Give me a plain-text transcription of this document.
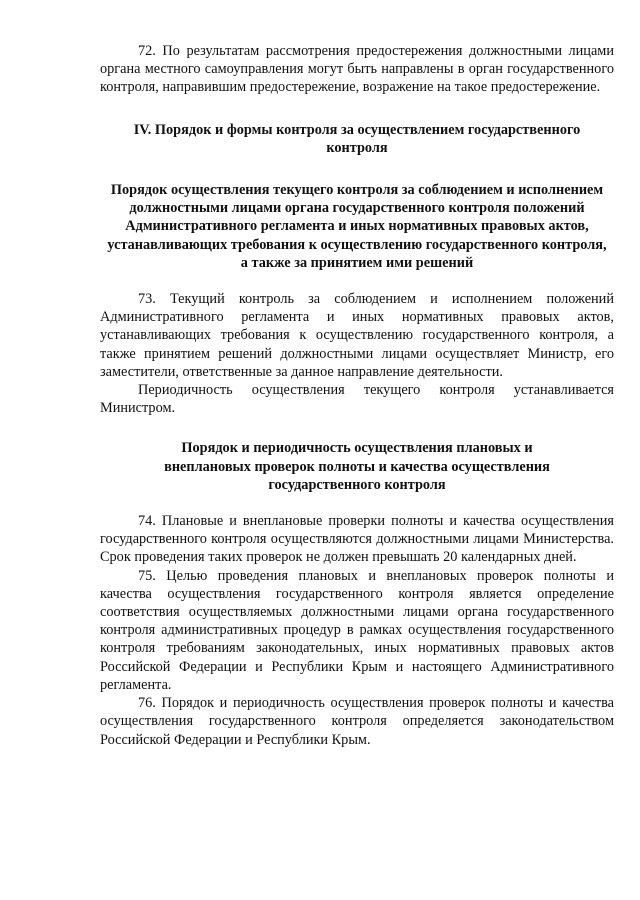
72. По результатам рассмотрения предостережения должностными лицами органа местного самоуправления могут быть направлены в орган государственного контроля, направившим предостережение, возражение на такое предостережение.

IV. Порядок и формы контроля за осуществлением государственного контроля
Порядок осуществления текущего контроля за соблюдением и исполнением должностными лицами органа государственного контроля положений Административного регламента и иных нормативных правовых актов, устанавливающих требования к осуществлению государственного контроля, а также за принятием ими решений

73. Текущий контроль за соблюдением и исполнением положений Административного регламента и иных нормативных правовых актов, устанавливающих требования к осуществлению государственного контроля, а также принятием решений должностными лицами осуществляет Министр, его заместители, ответственные за данное направление деятельности.

Периодичность осуществления текущего контроля устанавливается Министром.

Порядок и периодичность осуществления плановых и внеплановых проверок полноты и качества осуществления государственного контроля

74. Плановые и внеплановые проверки полноты и качества осуществления государственного контроля осуществляются должностными лицами Министерства. Срок проведения таких проверок не должен превышать 20 календарных дней.

75. Целью проведения плановых и внеплановых проверок полноты и качества осуществления государственного контроля является определение соответствия осуществляемых должностными лицами органа государственного контроля административных процедур в рамках осуществления государственного контроля требованиям законодательных, иных нормативных правовых актов Российской Федерации и Республики Крым и настоящего Административного регламента.

76. Порядок и периодичность осуществления проверок полноты и качества осуществления государственного контроля определяется законодательством Российской Федерации и Республики Крым.
